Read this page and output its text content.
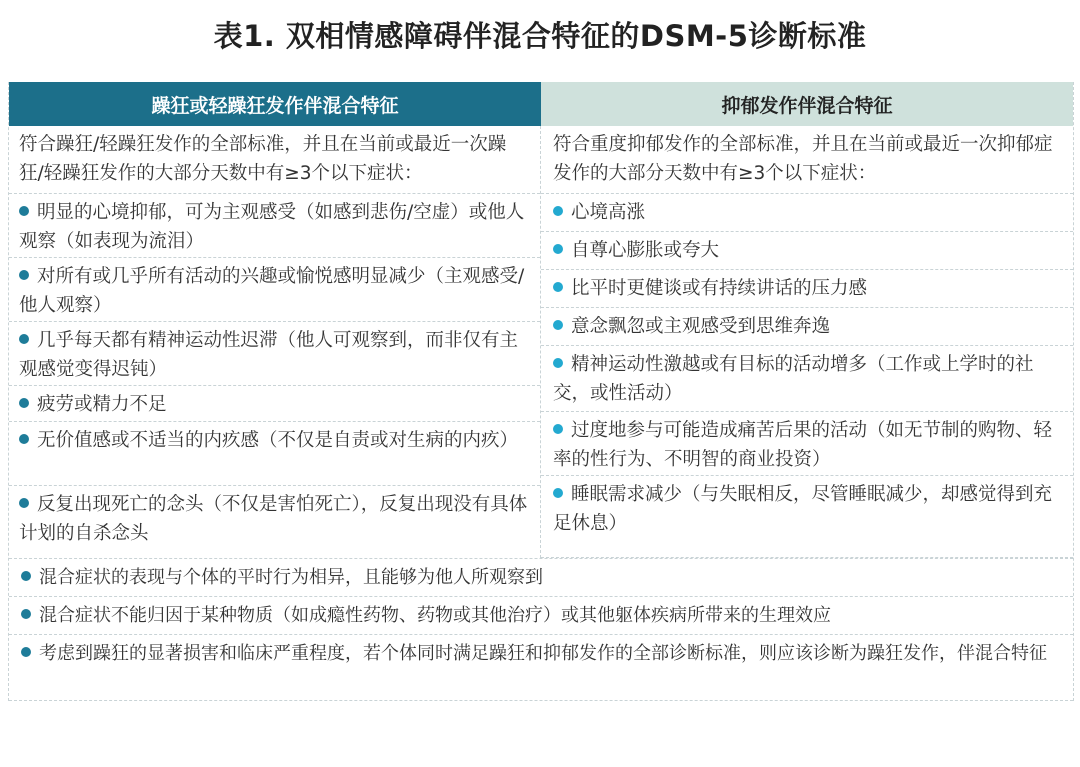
表1. 双相情感障碍伴混合特征的DSM-5诊断标准
躁狂或轻躁狂发作伴混合特征	抑郁发作伴混合特征
符合躁狂/轻躁狂发作的全部标准，并且在当前或最近一次躁狂/轻躁狂发作的大部分天数中有≥3个以下症状：
明显的心境抑郁，可为主观感受（如感到悲伤/空虚）或他人观察（如表现为流泪）
对所有或几乎所有活动的兴趣或愉悦感明显减少（主观感受/他人观察）
几乎每天都有精神运动性迟滞（他人可观察到，而非仅有主观感觉变得迟钝）
疲劳或精力不足
无价值感或不适当的内疚感（不仅是自责或对生病的内疚）
反复出现死亡的念头（不仅是害怕死亡），反复出现没有具体计划的自杀念头
符合重度抑郁发作的全部标准，并且在当前或最近一次抑郁症发作的大部分天数中有≥3个以下症状：
心境高涨
自尊心膨胀或夸大
比平时更健谈或有持续讲话的压力感
意念飘忽或主观感受到思维奔逸
精神运动性激越或有目标的活动增多（工作或上学时的社交，或性活动）
过度地参与可能造成痛苦后果的活动（如无节制的购物、轻率的性行为、不明智的商业投资）
睡眠需求减少（与失眠相反，尽管睡眠减少，却感觉得到充足休息）
混合症状的表现与个体的平时行为相异，且能够为他人所观察到
混合症状不能归因于某种物质（如成瘾性药物、药物或其他治疗）或其他躯体疾病所带来的生理效应
考虑到躁狂的显著损害和临床严重程度，若个体同时满足躁狂和抑郁发作的全部诊断标准，则应该诊断为躁狂发作，伴混合特征
